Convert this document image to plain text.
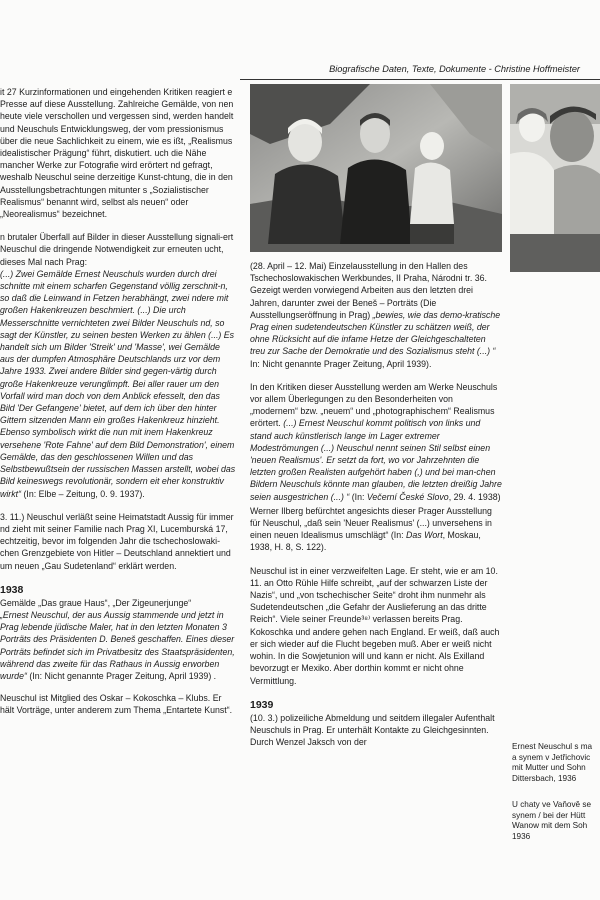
Biografische Daten, Texte, Dokumente - Christine Hoffmeister

it 27 Kurzinformationen und eingehenden Kritiken reagiert e Presse auf diese Ausstellung. Zahlreiche Gemälde, von nen heute viele verschollen und vergessen sind, werden handelt und Neuschuls Entwicklungsweg, der vom pressionismus über die neue Sachlichkeit zu einem, wie es ißt, „Realismus idealistischer Prägung“ führt, diskutiert. uch die Nähe mancher Werke zur Fotografie wird erörtert nd gefragt, weshalb Neuschul seine derzeitige Kunst-chtung, die in den Ausstellungsbetrachtungen mitunter s „Sozialistischer Realismus“ benannt wird, selbst als neuen“ oder „Neorealismus“ bezeichnet.

n brutaler Überfall auf Bilder in dieser Ausstellung signali-ert Neuschul die dringende Notwendigkeit zur erneuten ucht, dieses Mal nach Prag:
(...) Zwei Gemälde Ernest Neuschuls wurden durch drei schnitte mit einem scharfen Gegenstand völlig zerschnit-n, so daß die Leinwand in Fetzen herabhängt, zwei ndere mit großen Hakenkreuzen beschmiert. (...) Die urch Messerschnitte vernichteten zwei Bilder Neuschuls nd, so sagt der Künstler, zu seinen besten Werken zu ählen (...) Es handelt sich um Bilder 'Streik' und 'Masse', wei Gemälde aus der dumpfen Atmosphäre Deutschlands urz vor dem Jahre 1933. Zwei andere Bilder sind gegen-värtig durch große Hakenkreuze verunglimpft. Bei aller rauer um den Vorfall wird man doch von dem Anblick efesselt, den das Bild 'Der Gefangene' bietet, auf dem ich über den hinter Gittern sitzenden Mann ein großes Hakenkreuz hinzieht. Ebenso symbolisch wirkt die nun mit inem Hakenkreuz versehene 'Rote Fahne' auf dem Bild Demonstration', einem Gemälde, das den geschlossenen Willen und das Selbstbewußtsein der russischen Massen arstellt, wobei das Bild keineswegs revolutionär, sondern eit eher konstruktiv wirkt“ (In: Elbe – Zeitung, 0. 9. 1937).

3. 11.) Neuschul verläßt seine Heimatstadt Aussig für immer nd zieht mit seiner Familie nach Prag XI, Lucemburská 17, echtzeitig, bevor im folgenden Jahr die tschechoslowaki-chen Grenzgebiete von Hitler – Deutschland annektiert und um neuen „Gau Sudetenland“ erklärt werden.

1938

Gemälde „Das graue Haus“, „Der Zigeunerjunge“
„Ernest Neuschul, der aus Aussig stammende und jetzt in Prag lebende jüdische Maler, hat in den letzten Monaten 3 Porträts des Präsidenten D. Beneš geschaffen. Eines dieser Porträts befindet sich im Privatbesitz des Staatspräsidenten, während das zweite für das Rathaus in Aussig erworben wurde“ (In: Nicht genannte Prager Zeitung, April 1939) .

Neuschul ist Mitglied des Oskar – Kokoschka – Klubs. Er hält Vorträge, unter anderem zum Thema „Entartete Kunst“.

(28. April – 12. Mai) Einzelausstellung in den Hallen des Tschechoslowakischen Werkbundes, II Praha, Národni tr. 36. Gezeigt werden vorwiegend Arbeiten aus den letzten drei Jahren, darunter zwei der Beneš – Porträts (Die Ausstellungseröffnung in Prag) „bewies, wie das demo-kratische Prag einen sudetendeutschen Künstler zu schätzen weiß, der ohne Rücksicht auf die infame Hetze der Gleichgeschalteten treu zur Sache der Demokratie und des Sozialismus steht (...) “ In: Nicht genannte Prager Zeitung, April 1939).

In den Kritiken dieser Ausstellung werden am Werke Neuschuls vor allem Überlegungen zu den Besonderheiten von „modernem“ bzw. „neuem“ und „photographischem“ Realismus erörtert. (...) Ernest Neuschul kommt politisch von links und stand auch künstlerisch lange im Lager extremer Modeströmungen (...) Neuschul nennt seinen Stil selbst einen 'neuen Realismus'. Er setzt da fort, wo vor Jahrzehnten die letzten großen Realisten aufgehört haben (,) und bei man-chen Bildern Neuschuls könnte man glauben, die letzten dreißig Jahre seien ausgestrichen (...) “ (In: Večerní České Slovo, 29. 4. 1938)

Werner Ilberg befürchtet angesichts dieser Prager Ausstellung für Neuschul, „daß sein 'Neuer Realismus' (...) unversehens in einen neuen Idealismus umschlägt“ (In: Das Wort, Moskau, 1938, H. 8, S. 122).

Neuschul ist in einer verzweifelten Lage. Er steht, wie er am 10. 11. an Otto Rühle Hilfe schreibt, „auf der schwarzen Liste der Nazis“, und „von tschechischer Seite“ droht ihm nunmehr als Sudetendeutschen „die Gefahr der Auslieferung an das dritte Reich“. Viele seiner Freunde³⁸⁾ verlassen bereits Prag. Kokoschka und andere gehen nach England. Er weiß, daß auch er sich wieder auf die Flucht begeben muß. Aber er weiß nicht wohin. In die Sowjetunion will und kann er nicht. Als Exilland bevorzugt er Mexiko. Aber dorthin kommt er nicht ohne Vermittlung.

1939

(10. 3.) polizeiliche Abmeldung und seitdem illegaler Aufenthalt Neuschuls in Prag. Er unterhält Kontakte zu Gleichgesinnten. Durch Wenzel Jaksch von der	Ernest Neuschul s ma
a synem v Jetřichovic
mit Mutter und Sohn
Dittersbach, 1936
U chaty ve Vaňově se
synem / bei der Hütt
Wanow mit dem Soh
1936
